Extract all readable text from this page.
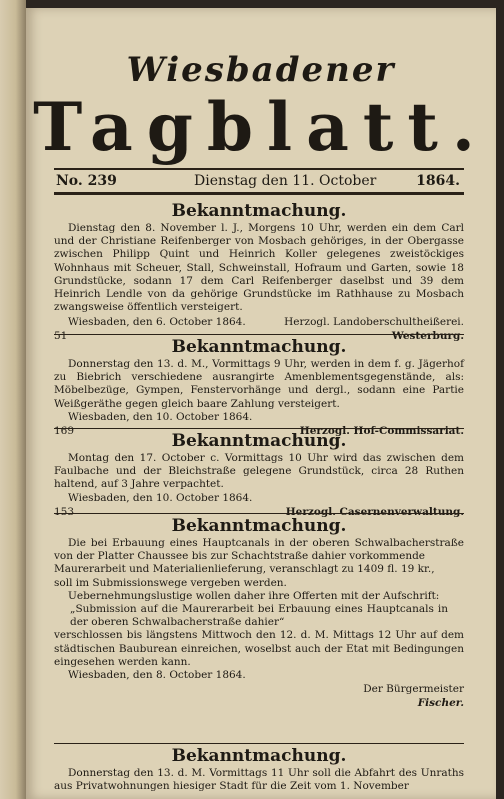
Wiesbadener
Tagblatt.
No. 239	Dienstag den 11. October	1864.
Bekanntmachung.
Dienstag den 8. November l. J., Morgens 10 Uhr, werden ein dem Carl und der Christiane Reifenberger von Mosbach gehöriges, in der Obergasse zwischen Philipp Quint und Heinrich Koller gelegenes zweistöckiges Wohnhaus mit Scheuer, Stall, Schweinstall, Hofraum und Garten, sowie 18 Grundstücke, sodann 17 dem Carl Reifenberger daselbst und 39 dem Heinrich Lendle von da gehörige Grundstücke im Rathhause zu Mosbach zwangsweise öffentlich versteigert.
Wiesbaden, den 6. October 1864.
51
Herzogl. Landoberschultheißerei.
Westerburg.
Bekanntmachung.
Donnerstag den 13. d. M., Vormittags 9 Uhr, werden in dem f. g. Jägerhof zu Biebrich verschiedene ausrangirte Amenblementsgegenstände, als: Möbelbezüge, Gympen, Fenstervorhänge und dergl., sodann eine Partie Weißgeräthe gegen gleich baare Zahlung versteigert.
Wiesbaden, den 10. October 1864.
169	Herzogl. Hof-Commissariat.
Bekanntmachung.
Montag den 17. October c. Vormittags 10 Uhr wird das zwischen dem Faulbache und der Bleichstraße gelegene Grundstück, circa 28 Ruthen haltend, auf 3 Jahre verpachtet.
Wiesbaden, den 10. October 1864.
153	Herzogl. Casernenverwaltung.
Bekanntmachung.
Die bei Erbauung eines Hauptcanals in der oberen Schwalbacherstraße von der Platter Chaussee bis zur Schachtstraße dahier vorkommende
Maurerarbeit und Materialienlieferung, veranschlagt zu 1409 fl. 19 kr.,
soll im Submissionswege vergeben werden.
Uebernehmungslustige wollen daher ihre Offerten mit der Aufschrift:
„Submission auf die Maurerarbeit bei Erbauung eines Hauptcanals in der oberen Schwalbacherstraße dahier“
verschlossen bis längstens Mittwoch den 12. d. M. Mittags 12 Uhr auf dem städtischen Bauburean einreichen, woselbst auch der Etat mit Bedingungen eingesehen werden kann.
Wiesbaden, den 8. October 1864.
Der Bürgermeister
Fischer.
Bekanntmachung.
Donnerstag den 13. d. M. Vormittags 11 Uhr soll die Abfahrt des Unraths aus Privatwohnungen hiesiger Stadt für die Zeit vom 1. November
